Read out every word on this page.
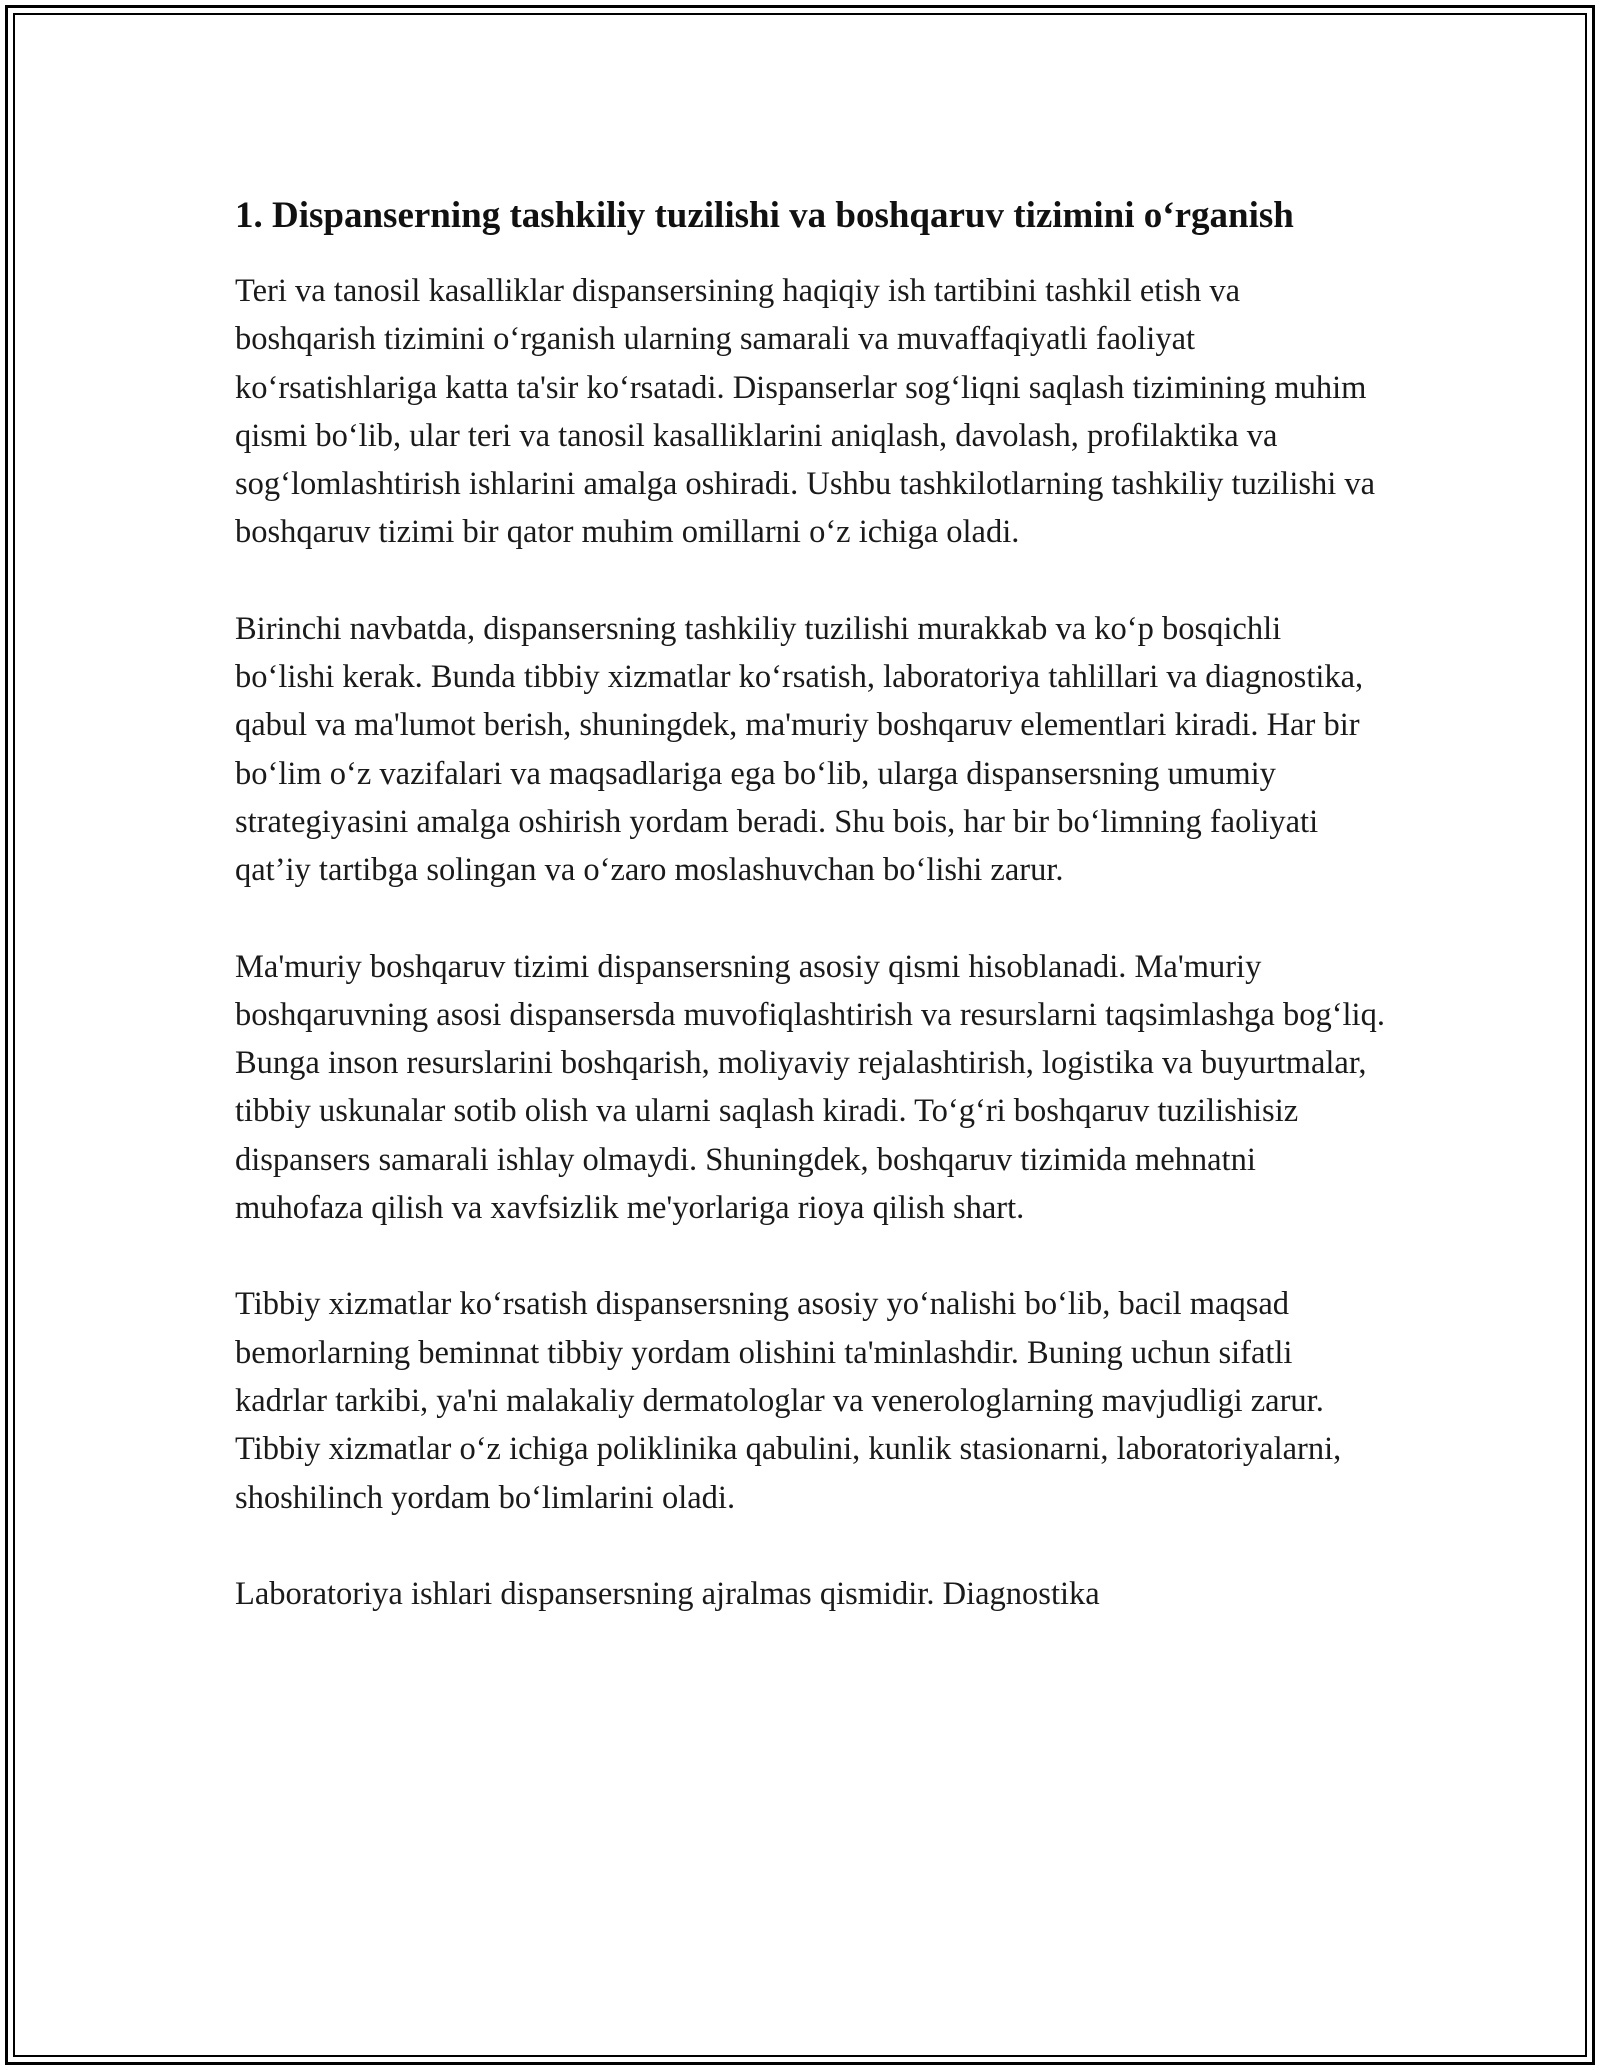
1. Dispanserning tashkiliy tuzilishi va boshqaruv tizimini o‘rganish

Teri va tanosil kasalliklar dispansersining haqiqiy ish tartibini tashkil etish va boshqarish tizimini o‘rganish ularning samarali va muvaffaqiyatli faoliyat ko‘rsatishlariga katta ta'sir ko‘rsatadi. Dispanserlar sog‘liqni saqlash tizimining muhim qismi bo‘lib, ular teri va tanosil kasalliklarini aniqlash, davolash, profilaktika va sog‘lomlashtirish ishlarini amalga oshiradi. Ushbu tashkilotlarning tashkiliy tuzilishi va boshqaruv tizimi bir qator muhim omillarni o‘z ichiga oladi.

Birinchi navbatda, dispansersning tashkiliy tuzilishi murakkab va ko‘p bosqichli bo‘lishi kerak. Bunda tibbiy xizmatlar ko‘rsatish, laboratoriya tahlillari va diagnostika, qabul va ma'lumot berish, shuningdek, ma'muriy boshqaruv elementlari kiradi. Har bir bo‘lim o‘z vazifalari va maqsadlariga ega bo‘lib, ularga dispansersning umumiy strategiyasini amalga oshirish yordam beradi. Shu bois, har bir bo‘limning faoliyati qat’iy tartibga solingan va o‘zaro moslashuvchan bo‘lishi zarur.

Ma'muriy boshqaruv tizimi dispansersning asosiy qismi hisoblanadi. Ma'muriy boshqaruvning asosi dispansersda muvofiqlashtirish va resurslarni taqsimlashga bog‘liq. Bunga inson resurslarini boshqarish, moliyaviy rejalashtirish, logistika va buyurtmalar, tibbiy uskunalar sotib olish va ularni saqlash kiradi. To‘g‘ri boshqaruv tuzilishisiz dispansers samarali ishlay olmaydi. Shuningdek, boshqaruv tizimida mehnatni muhofaza qilish va xavfsizlik me'yorlariga rioya qilish shart.

Tibbiy xizmatlar ko‘rsatish dispansersning asosiy yo‘nalishi bo‘lib, bacil maqsad bemorlarning beminnat tibbiy yordam olishini ta'minlashdir. Buning uchun sifatli kadrlar tarkibi, ya'ni malakaliy dermatologlar va venerologlarning mavjudligi zarur. Tibbiy xizmatlar o‘z ichiga poliklinika qabulini, kunlik stasionarni, laboratoriyalarni, shoshilinch yordam bo‘limlarini oladi.

Laboratoriya ishlari dispansersning ajralmas qismidir. Diagnostika
